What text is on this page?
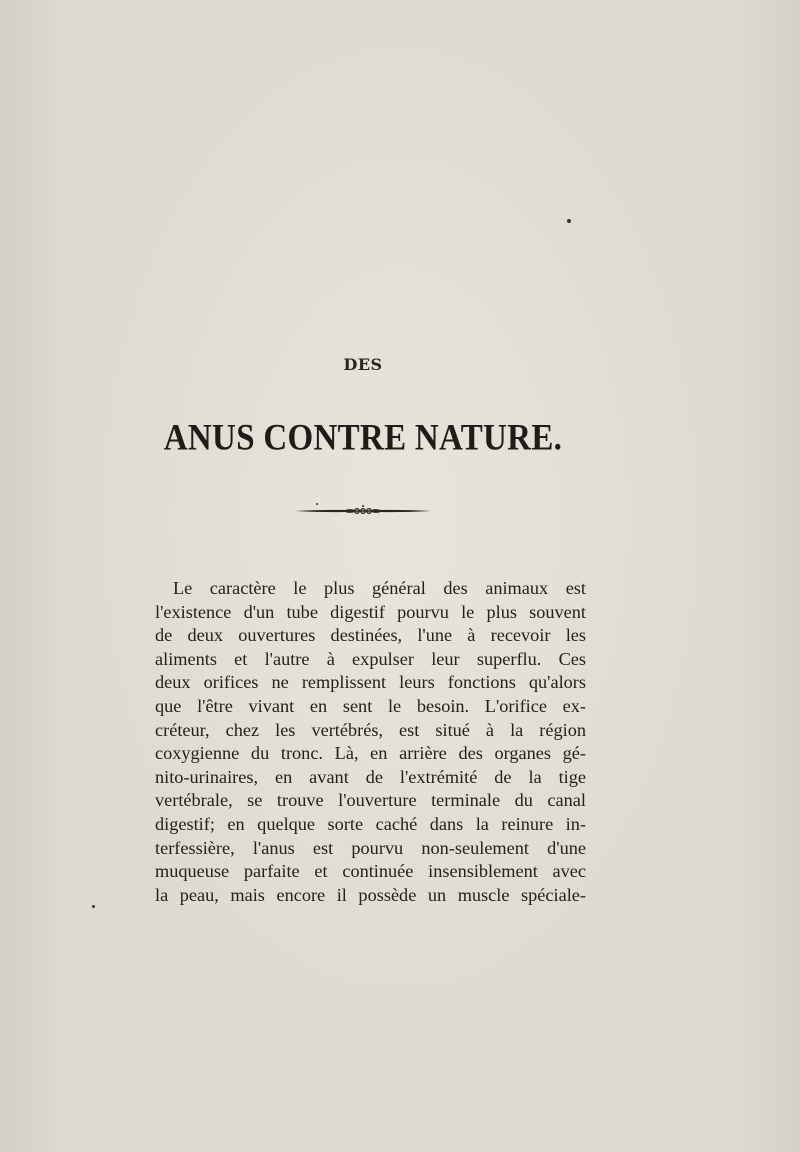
DES
ANUS CONTRE NATURE.
Le caractère le plus général des animaux est
l'existence d'un tube digestif pourvu le plus souvent
de deux ouvertures destinées, l'une à recevoir les
aliments et l'autre à expulser leur superflu. Ces
deux orifices ne remplissent leurs fonctions qu'alors
que l'être vivant en sent le besoin. L'orifice ex-
créteur, chez les vertébrés, est situé à la région
coxygienne du tronc. Là, en arrière des organes gé-
nito-urinaires, en avant de l'extrémité de la tige
vertébrale, se trouve l'ouverture terminale du canal
digestif; en quelque sorte caché dans la reinure in-
terfessière, l'anus est pourvu non-seulement d'une
muqueuse parfaite et continuée insensiblement avec
la peau, mais encore il possède un muscle spéciale-
